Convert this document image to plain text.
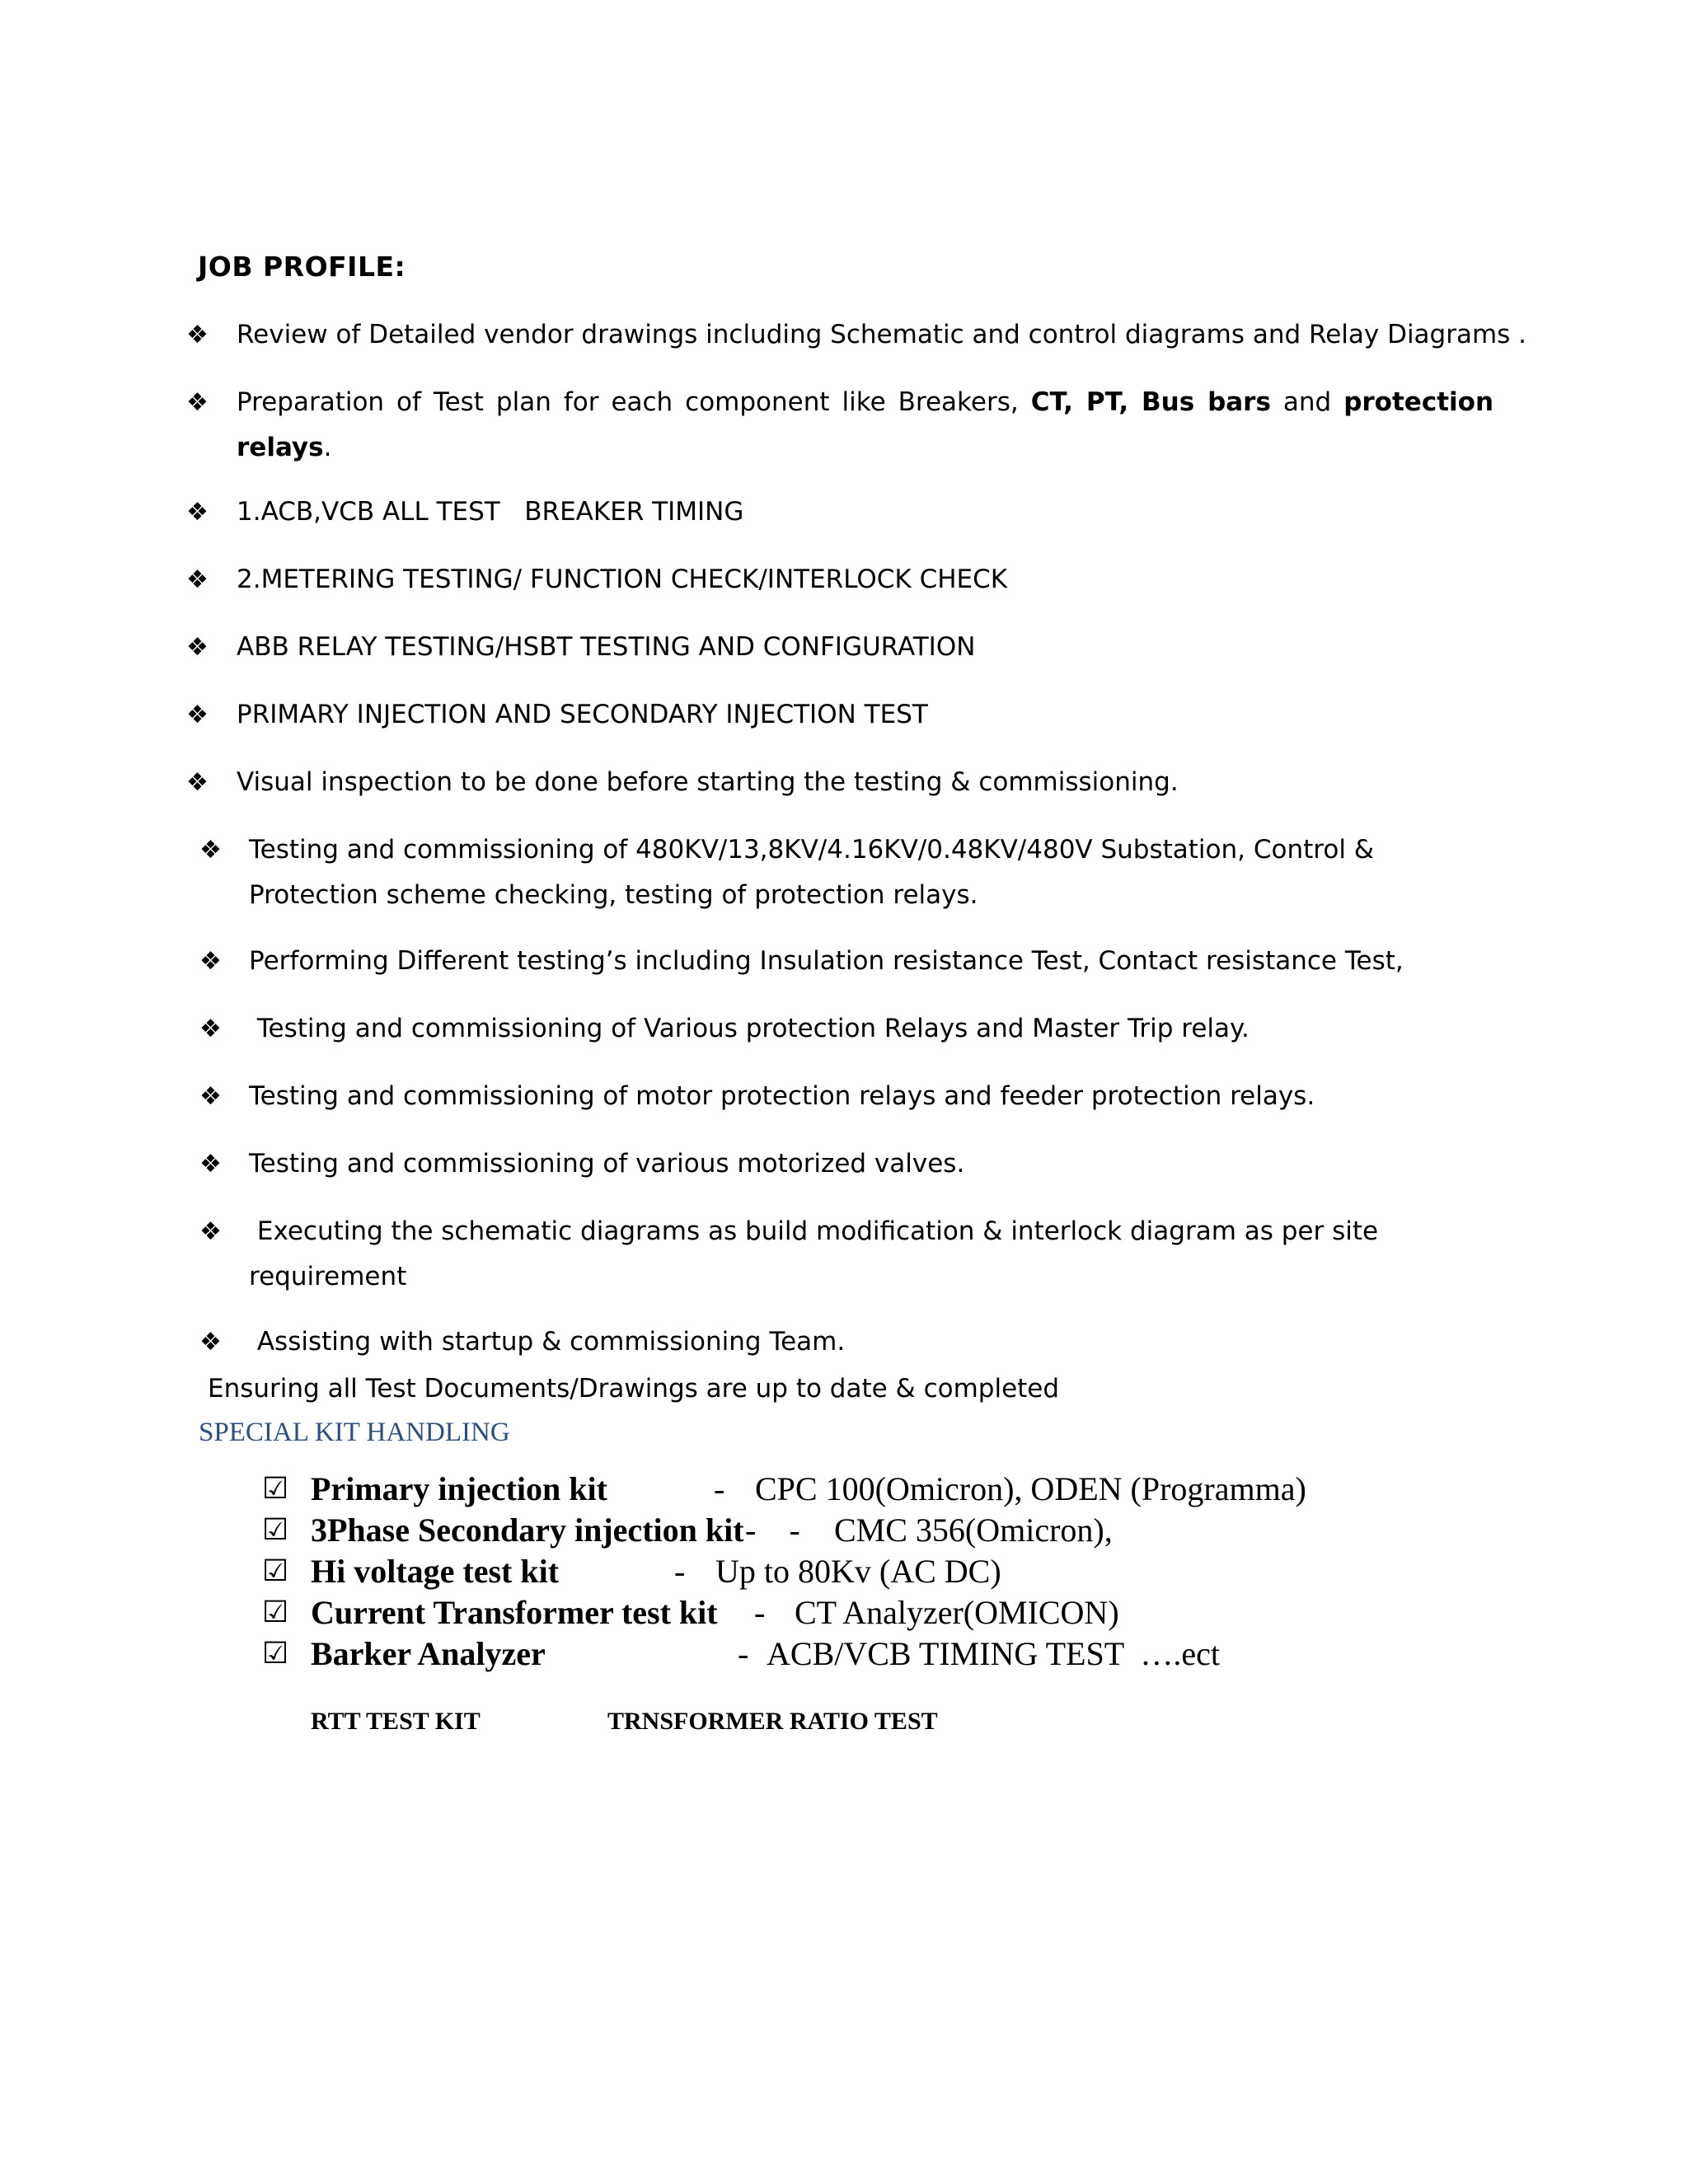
JOB PROFILE:
❖ Review of Detailed vendor drawings including Schematic and control diagrams and Relay Diagrams .
❖ Preparation of Test plan for each component like Breakers, CT, PT, Bus bars and protection
relays.
❖ 1.ACB,VCB ALL TEST   BREAKER TIMING
❖ 2.METERING TESTING/ FUNCTION CHECK/INTERLOCK CHECK
❖ ABB RELAY TESTING/HSBT TESTING AND CONFIGURATION
❖ PRIMARY INJECTION AND SECONDARY INJECTION TEST
❖ Visual inspection to be done before starting the testing & commissioning.
❖ Testing and commissioning of 480KV/13,8KV/4.16KV/0.48KV/480V Substation, Control &
Protection scheme checking, testing of protection relays.
❖ Performing Different testing’s including Insulation resistance Test, Contact resistance Test,
❖ Testing and commissioning of Various protection Relays and Master Trip relay.
❖ Testing and commissioning of motor protection relays and feeder protection relays.
❖ Testing and commissioning of various motorized valves.
❖ Executing the schematic diagrams as build modification & interlock diagram as per site
requirement
❖ Assisting with startup & commissioning Team.
Ensuring all Test Documents/Drawings are up to date & completed
SPECIAL KIT HANDLING
☑ Primary injection kit	- CPC 100(Omicron), ODEN (Programma)
☑ 3Phase Secondary injection kit -    - CMC 356(Omicron),
☑ Hi voltage test kit	- Up to 80Kv (AC DC)
☑ Current Transformer test kit - CT Analyzer(OMICON)
☑ Barker Analyzer	- ACB/VCB TIMING TEST  ….ect
RTT TEST KIT	TRNSFORMER RATIO TEST
